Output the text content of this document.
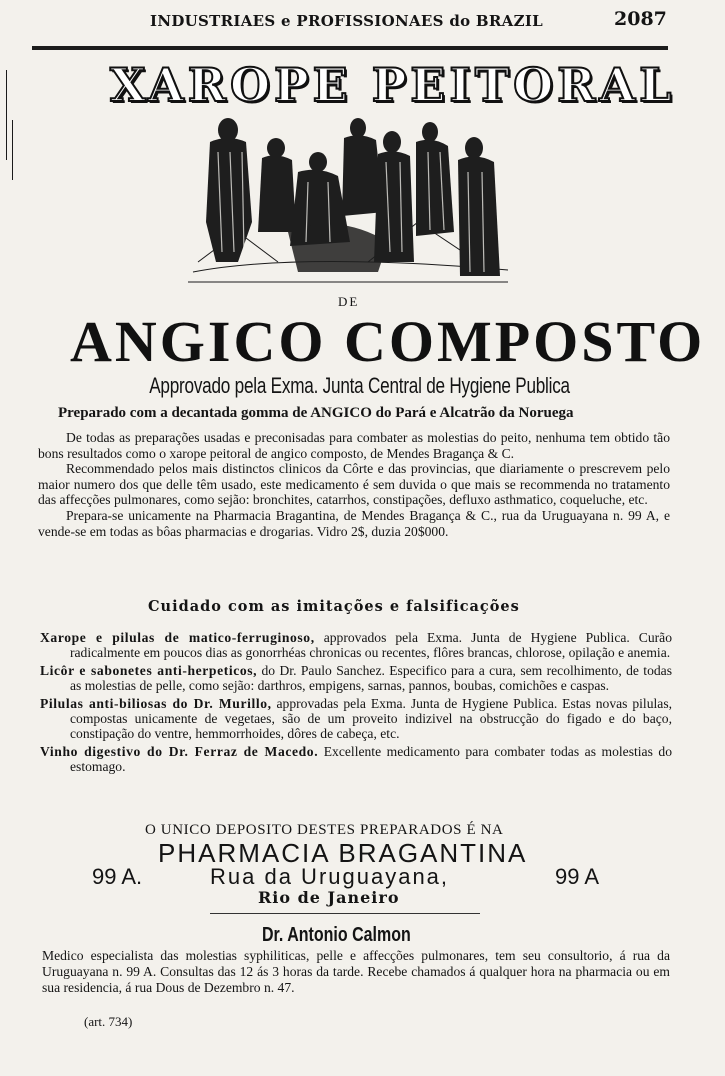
INDUSTRIAES e PROFISSIONAES do BRAZIL	2087
XAROPE PEITORAL
DE
ANGICO COMPOSTO
Approvado pela Exma. Junta Central de Hygiene Publica
Preparado com a decantada gomma de ANGICO do Pará e Alcatrão da Noruega

De todas as preparações usadas e preconisadas para combater as molestias do peito, nenhuma tem obtido tão bons resultados como o xarope peitoral de angico composto, de Mendes Bragança & C.

Recommendado pelos mais distinctos clinicos da Côrte e das provincias, que diariamente o prescrevem pelo maior numero dos que delle têm usado, este medicamento é sem duvida o que mais se recommenda no tratamento das affecções pulmonares, como sejão: bronchites, catarrhos, constipações, defluxo asthmatico, coqueluche, etc.

Prepara-se unicamente na Pharmacia Bragantina, de Mendes Bragança & C., rua da Uruguayana n. 99 A, e vende-se em todas as bôas pharmacias e drogarias. Vidro 2$, duzia 20$000.

Cuidado com as imitações e falsificações
Xarope e pilulas de matico-ferruginoso, approvados pela Exma. Junta de Hygiene Publica. Curão radicalmente em poucos dias as gonorrhéas chronicas ou recentes, flôres brancas, chlorose, opilação e anemia.
Licôr e sabonetes anti-herpeticos, do Dr. Paulo Sanchez. Especifico para a cura, sem recolhimento, de todas as molestias de pelle, como sejão: darthros, empigens, sarnas, pannos, boubas, comichões e caspas.
Pilulas anti-biliosas do Dr. Murillo, approvadas pela Exma. Junta de Hygiene Publica. Estas novas pilulas, compostas unicamente de vegetaes, são de um proveito indizivel na obstrucção do figado e do baço, constipação do ventre, hemmorrhoides, dôres de cabeça, etc.
Vinho digestivo do Dr. Ferraz de Macedo. Excellente medicamento para combater todas as molestias do estomago.
O UNICO DEPOSITO DESTES PREPARADOS É NA
PHARMACIA BRAGANTINA
99 A.	Rua da Uruguayana,	99 A
Rio de Janeiro
Dr. Antonio Calmon
Medico especialista das molestias syphiliticas, pelle e affecções pulmonares, tem seu consultorio, á rua da Uruguayana n. 99 A. Consultas das 12 ás 3 horas da tarde. Recebe chamados á qualquer hora na pharmacia ou em sua residencia, á rua Dous de Dezembro n. 47.
(art. 734)
